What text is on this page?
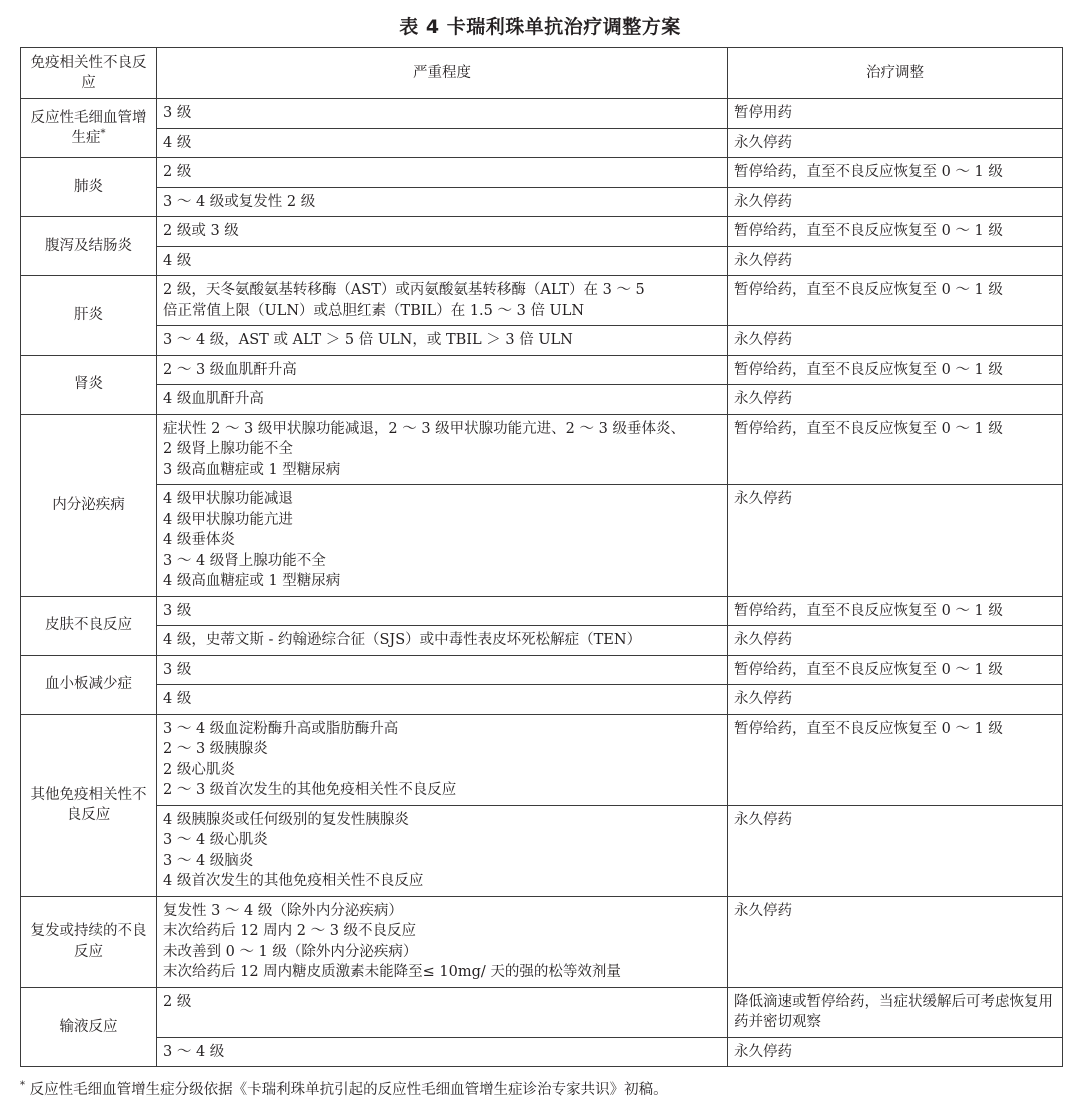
表 4 卡瑞利珠单抗治疗调整方案
免疫相关性不良反应	严重程度	治疗调整
反应性毛细血管增生症*	3 级	暂停用药

	4 级	永久停药
肺炎	2 级	暂停给药，直至不良反应恢复至 0 ～ 1 级

	3 ～ 4 级或复发性 2 级	永久停药
腹泻及结肠炎	2 级或 3 级	暂停给药，直至不良反应恢复至 0 ～ 1 级

	4 级	永久停药
肝炎	2 级，天冬氨酸氨基转移酶（AST）或丙氨酸氨基转移酶（ALT）在 3 ～ 5
倍正常值上限（ULN）或总胆红素（TBIL）在 1.5 ～ 3 倍 ULN	暂停给药，直至不良反应恢复至 0 ～ 1 级

	3 ～ 4 级，AST 或 ALT ＞ 5 倍 ULN，或 TBIL ＞ 3 倍 ULN	永久停药
肾炎	2 ～ 3 级血肌酐升高	暂停给药，直至不良反应恢复至 0 ～ 1 级

	4 级血肌酐升高	永久停药
内分泌疾病	症状性 2 ～ 3 级甲状腺功能减退，2 ～ 3 级甲状腺功能亢进、2 ～ 3 级垂体炎、
2 级肾上腺功能不全
3 级高血糖症或 1 型糖尿病	暂停给药，直至不良反应恢复至 0 ～ 1 级

	4 级甲状腺功能减退
4 级甲状腺功能亢进
4 级垂体炎
3 ～ 4 级肾上腺功能不全
4 级高血糖症或 1 型糖尿病	永久停药
皮肤不良反应	3 级	暂停给药，直至不良反应恢复至 0 ～ 1 级

	4 级，史蒂文斯 - 约翰逊综合征（SJS）或中毒性表皮坏死松解症（TEN）	永久停药
血小板减少症	3 级	暂停给药，直至不良反应恢复至 0 ～ 1 级

	4 级	永久停药
其他免疫相关性不良反应	3 ～ 4 级血淀粉酶升高或脂肪酶升高
2 ～ 3 级胰腺炎
2 级心肌炎
2 ～ 3 级首次发生的其他免疫相关性不良反应	暂停给药，直至不良反应恢复至 0 ～ 1 级

	4 级胰腺炎或任何级别的复发性胰腺炎
3 ～ 4 级心肌炎
3 ～ 4 级脑炎
4 级首次发生的其他免疫相关性不良反应	永久停药
复发或持续的不良反应	复发性 3 ～ 4 级（除外内分泌疾病）
末次给药后 12 周内 2 ～ 3 级不良反应
未改善到 0 ～ 1 级（除外内分泌疾病）
末次给药后 12 周内糖皮质激素未能降至≤ 10mg/ 天的强的松等效剂量	永久停药
输液反应	2 级	降低滴速或暂停给药，当症状缓解后可考虑恢复用药并密切观察

	3 ～ 4 级	永久停药
* 反应性毛细血管增生症分级依据《卡瑞利珠单抗引起的反应性毛细血管增生症诊治专家共识》初稿。
